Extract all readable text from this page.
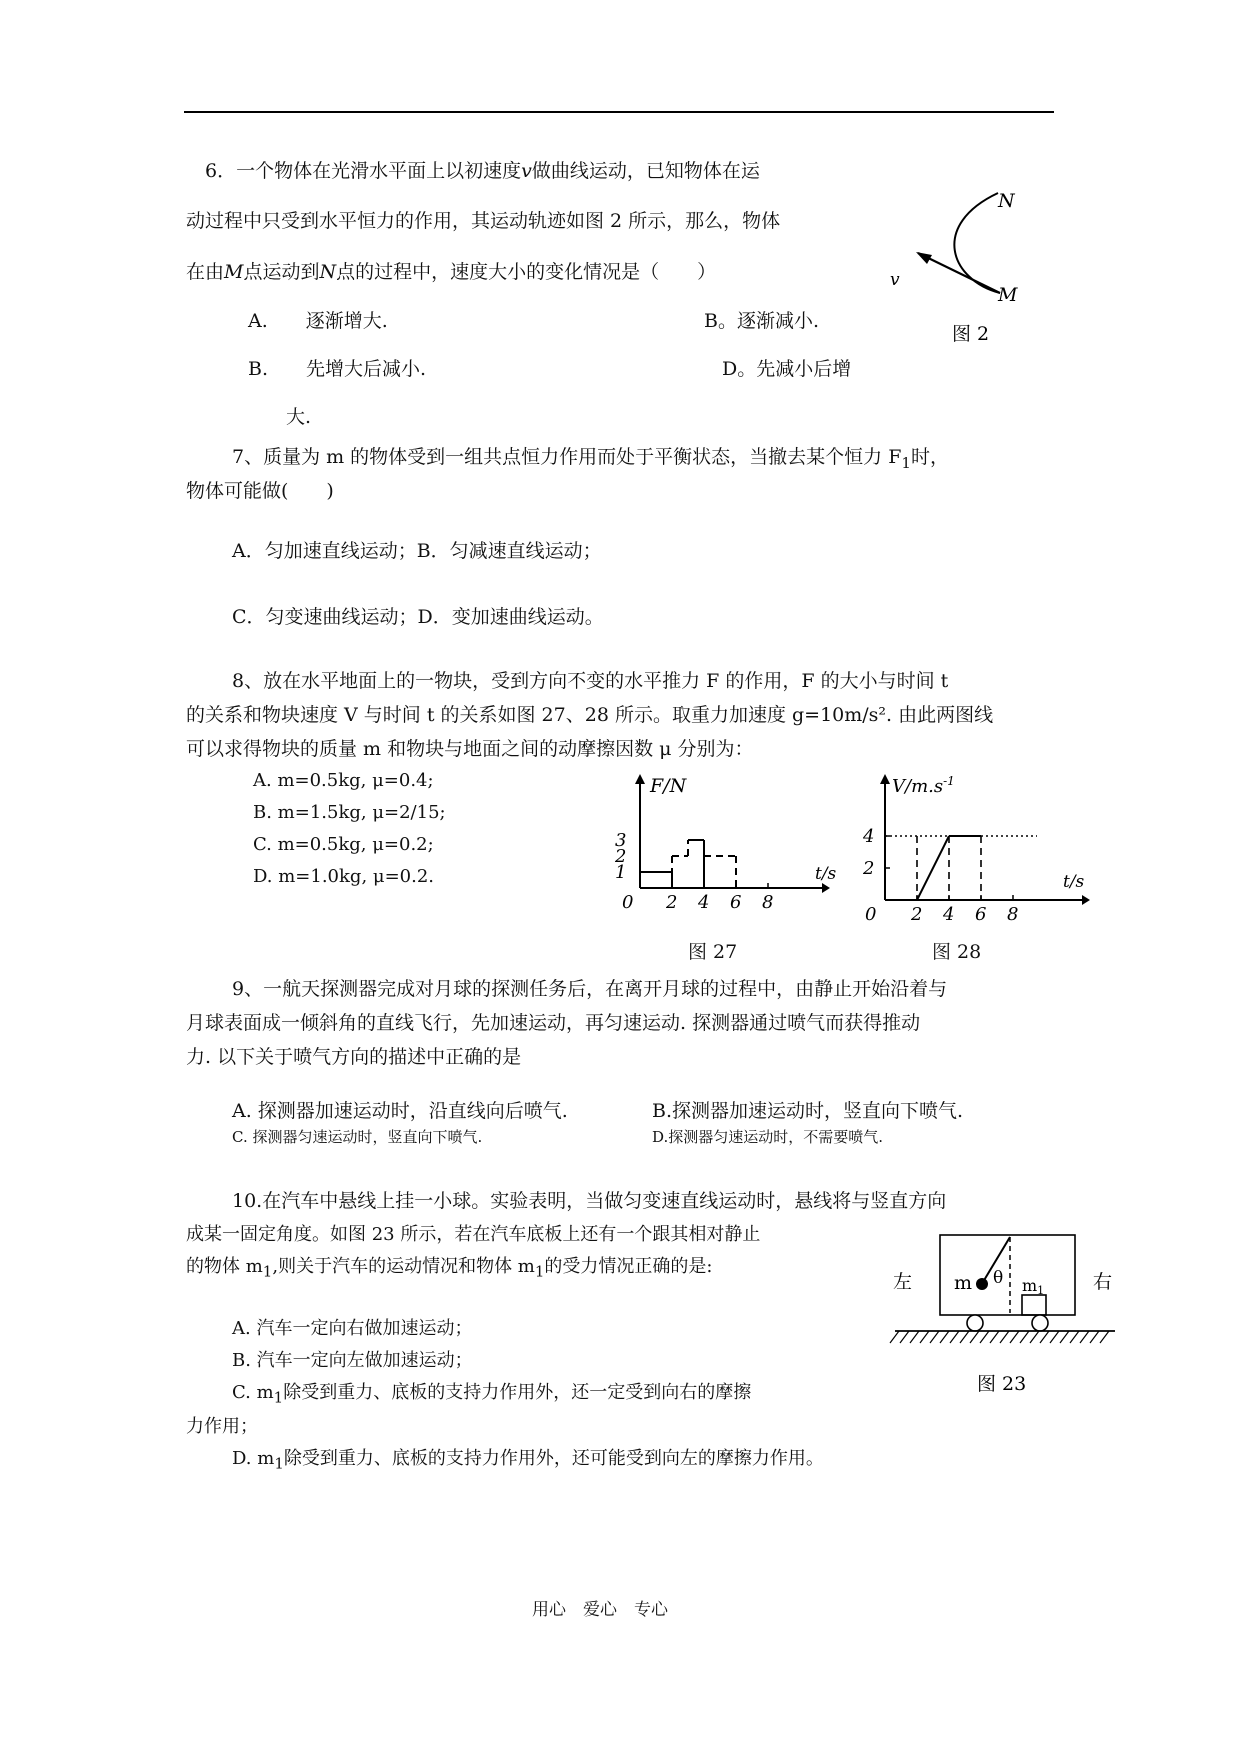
6．一个物体在光滑水平面上以初速度v做曲线运动，已知物体在运
动过程中只受到水平恒力的作用，其运动轨迹如图 2 所示，那么，物体
在由M点运动到N点的过程中，速度大小的变化情况是（　　）
A.　　逐渐增大.	B。逐渐减小.
B.　　先增大后减小.	D。先减小后增
大.
N
M
v
图 2
7、质量为 m 的物体受到一组共点恒力作用而处于平衡状态，当撤去某个恒力 $F_1$时，
物体可能做(　　)
A．匀加速直线运动；B．匀减速直线运动；
C．匀变速曲线运动；D．变加速曲线运动。
8、放在水平地面上的一物块，受到方向不变的水平推力 F 的作用，F 的大小与时间 t
的关系和物块速度 V 与时间 t 的关系如图 27、28 所示。取重力加速度 g=10m/s². 由此两图线
可以求得物块的质量 m 和物块与地面之间的动摩擦因数 μ 分别为：
A. m=0.5kg, μ=0.4;
B. m=1.5kg, μ=2/15;
C. m=0.5kg, μ=0.2;
D. m=1.0kg, μ=0.2.
0 2 4 6 8
1
2
3
F/N
t/s
图 27
0 2 4 6 8
2
4
$V/m.s^{-1}$
t/s
图 28
9、一航天探测器完成对月球的探测任务后，在离开月球的过程中，由静止开始沿着与
月球表面成一倾斜角的直线飞行，先加速运动，再匀速运动. 探测器通过喷气而获得推动
力. 以下关于喷气方向的描述中正确的是
A. 探测器加速运动时，沿直线向后喷气.	B.探测器加速运动时，竖直向下喷气.
C. 探测器匀速运动时，竖直向下喷气.	D.探测器匀速运动时，不需要喷气.
10.在汽车中悬线上挂一小球。实验表明，当做匀变速直线运动时，悬线将与竖直方向
成某一固定角度。如图 23 所示，若在汽车底板上还有一个跟其相对静止
的物体 $m_1$,则关于汽车的运动情况和物体 $m_1$的受力情况正确的是:
A. 汽车一定向右做加速运动；
B. 汽车一定向左做加速运动；
C. $m_1$除受到重力、底板的支持力作用外，还一定受到向右的摩擦
力作用；
D. $m_1$除受到重力、底板的支持力作用外，还可能受到向左的摩擦力作用。
左	右
m θ m1
图 23
用心　爱心　专心
